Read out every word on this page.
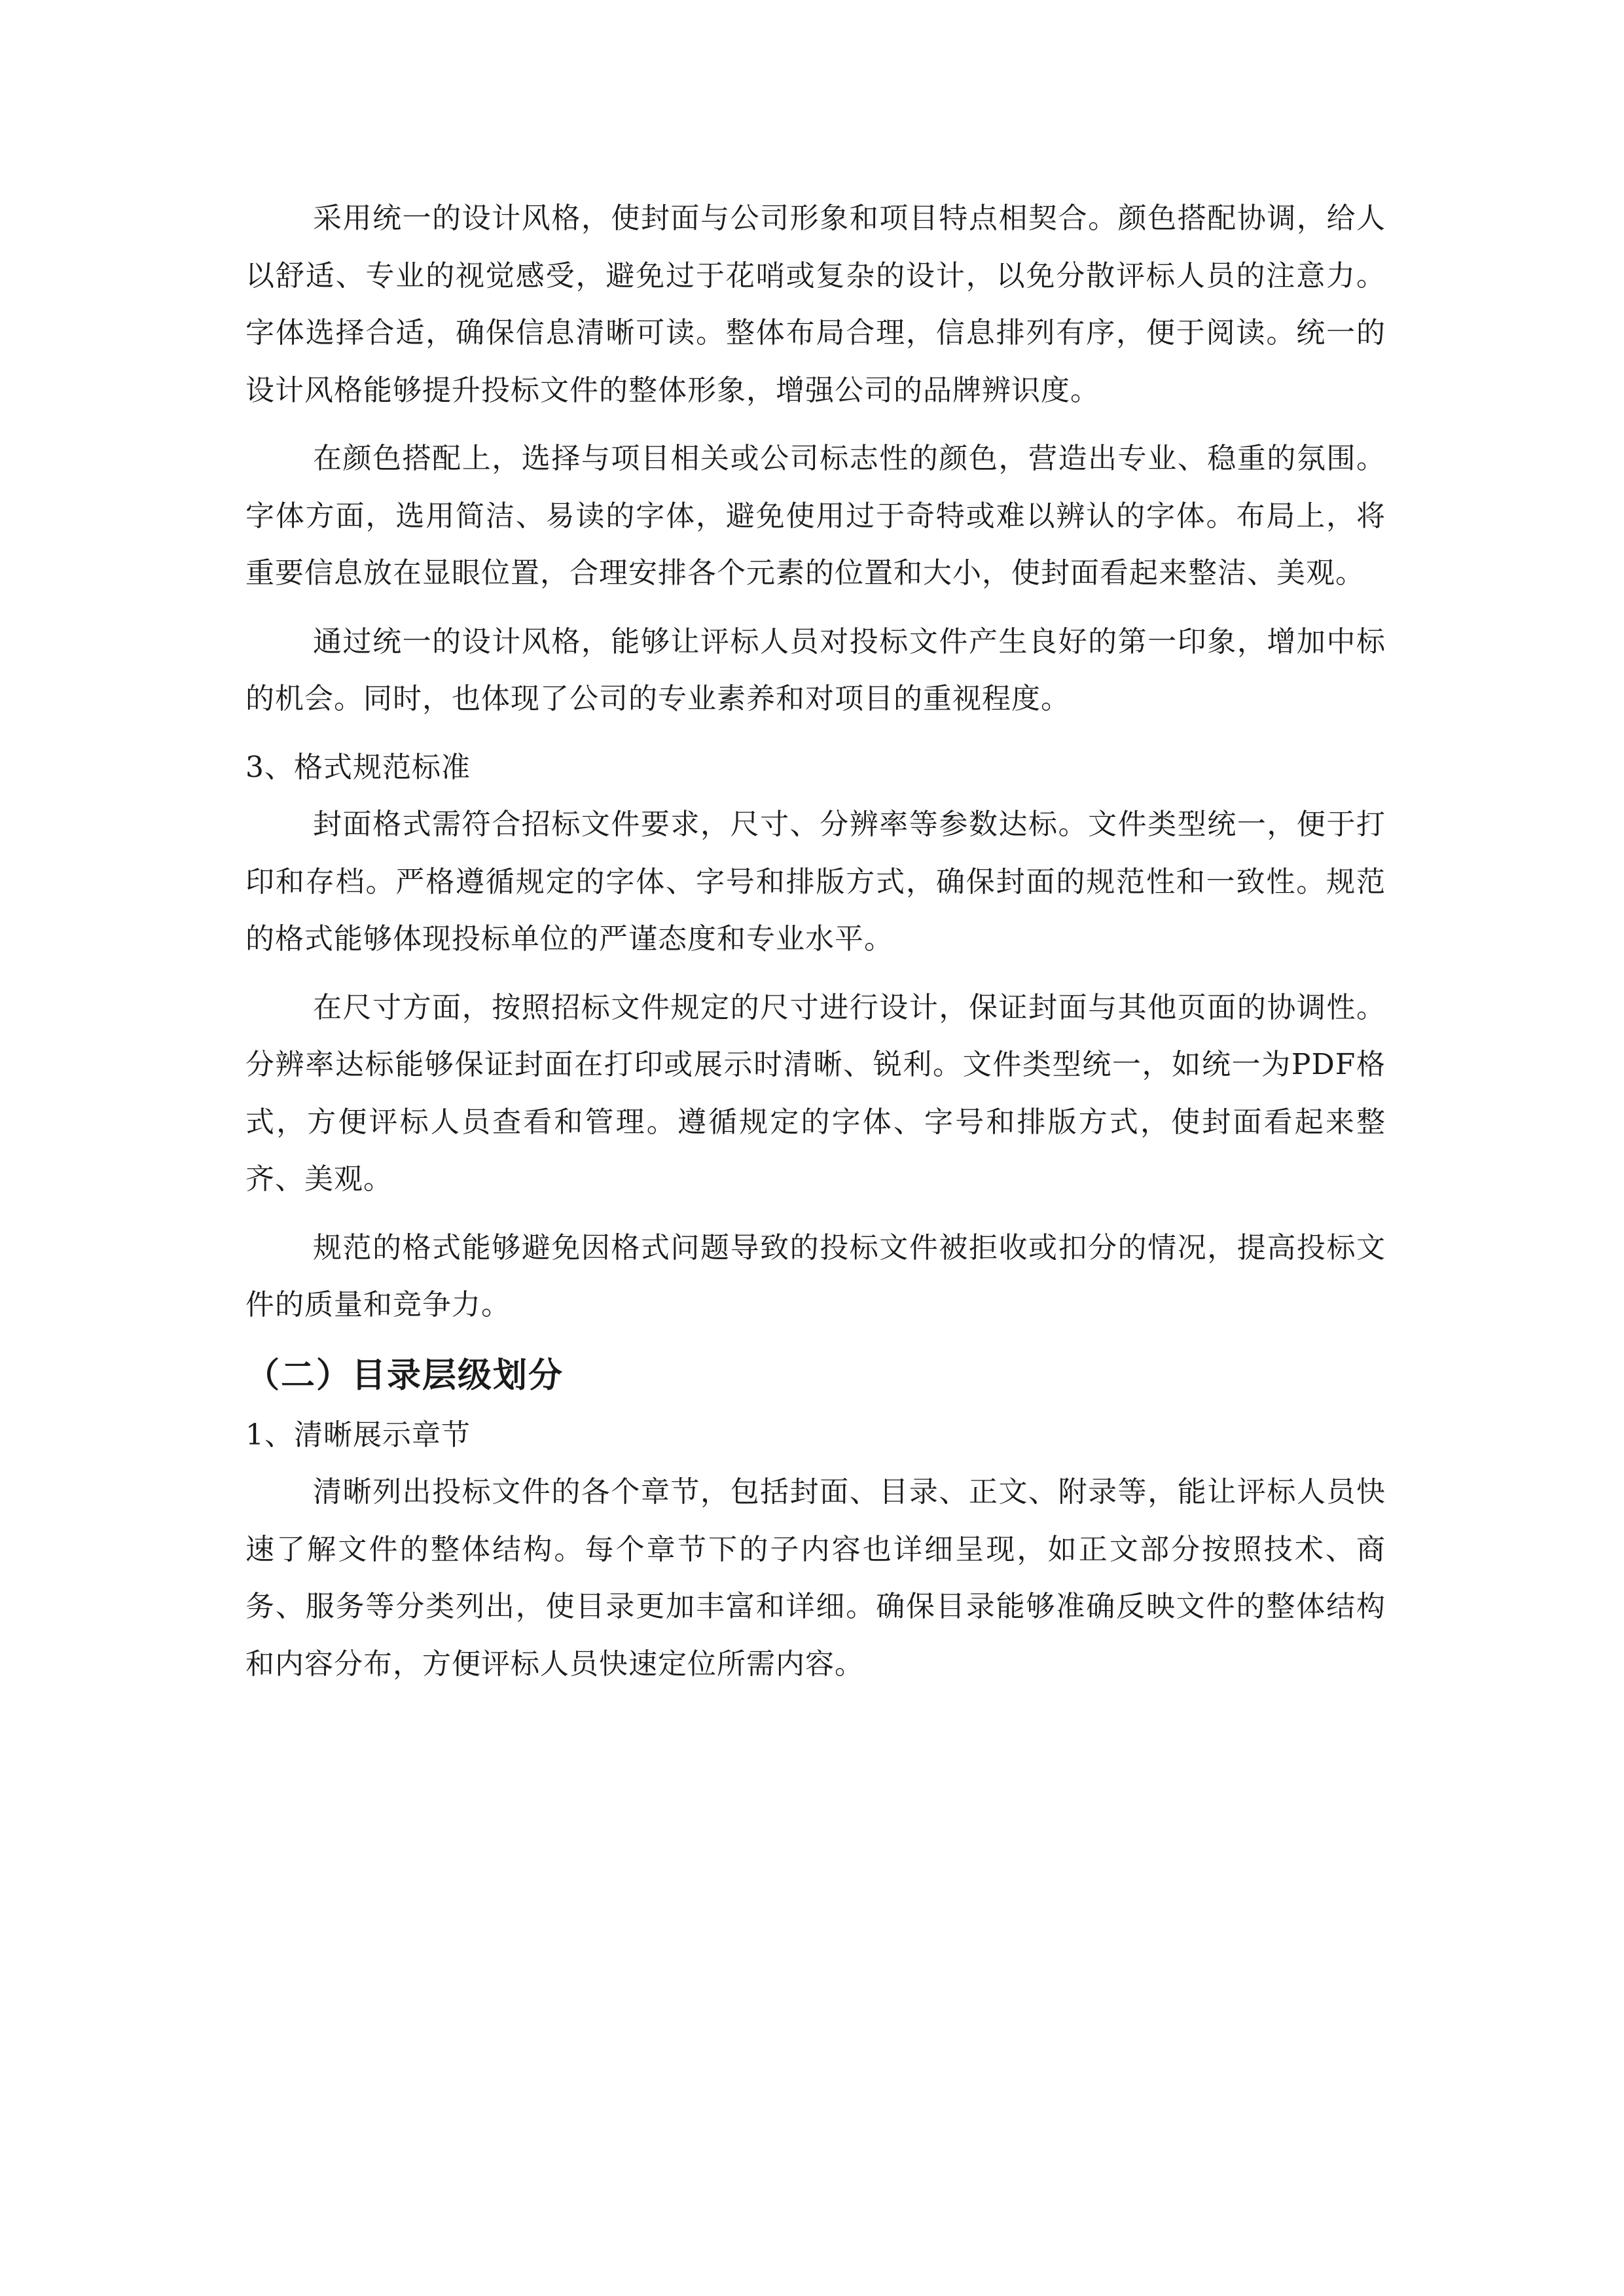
采用统一的设计风格，使封面与公司形象和项目特点相契合。颜色搭配协调，给人以舒适、专业的视觉感受，避免过于花哨或复杂的设计，以免分散评标人员的注意力。字体选择合适，确保信息清晰可读。整体布局合理，信息排列有序，便于阅读。统一的设计风格能够提升投标文件的整体形象，增强公司的品牌辨识度。

在颜色搭配上，选择与项目相关或公司标志性的颜色，营造出专业、稳重的氛围。字体方面，选用简洁、易读的字体，避免使用过于奇特或难以辨认的字体。布局上，将重要信息放在显眼位置，合理安排各个元素的位置和大小，使封面看起来整洁、美观。

通过统一的设计风格，能够让评标人员对投标文件产生良好的第一印象，增加中标的机会。同时，也体现了公司的专业素养和对项目的重视程度。

3、格式规范标准

封面格式需符合招标文件要求，尺寸、分辨率等参数达标。文件类型统一，便于打印和存档。严格遵循规定的字体、字号和排版方式，确保封面的规范性和一致性。规范的格式能够体现投标单位的严谨态度和专业水平。

在尺寸方面，按照招标文件规定的尺寸进行设计，保证封面与其他页面的协调性。分辨率达标能够保证封面在打印或展示时清晰、锐利。文件类型统一，如统一为PDF格式，方便评标人员查看和管理。遵循规定的字体、字号和排版方式，使封面看起来整齐、美观。

规范的格式能够避免因格式问题导致的投标文件被拒收或扣分的情况，提高投标文件的质量和竞争力。

（二）目录层级划分

1、清晰展示章节

清晰列出投标文件的各个章节，包括封面、目录、正文、附录等，能让评标人员快速了解文件的整体结构。每个章节下的子内容也详细呈现，如正文部分按照技术、商务、服务等分类列出，使目录更加丰富和详细。确保目录能够准确反映文件的整体结构和内容分布，方便评标人员快速定位所需内容。
